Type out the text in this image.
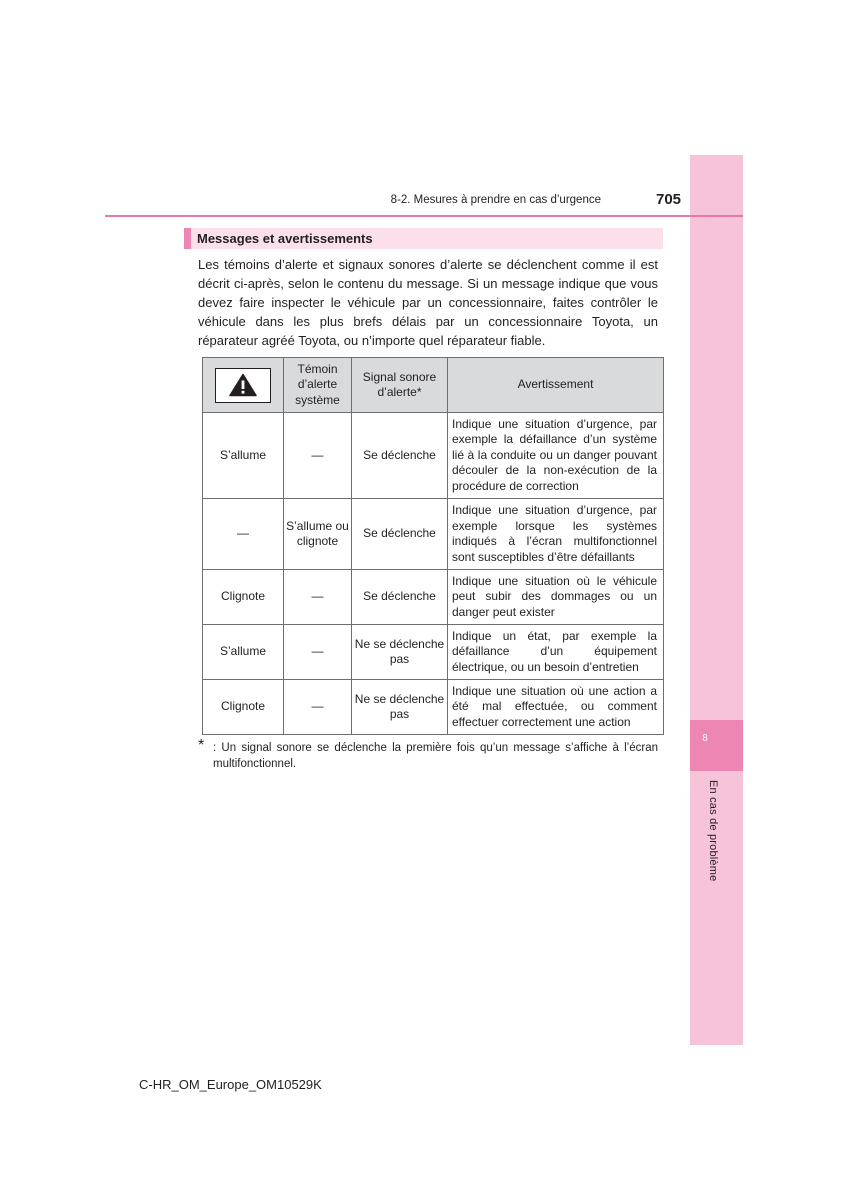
8
En cas de problème
8-2. Mesures à prendre en cas d’urgence	705
Messages et avertissements
Les témoins d’alerte et signaux sonores d’alerte se déclenchent comme il est décrit ci-après, selon le contenu du message. Si un message indique que vous devez faire inspecter le véhicule par un concessionnaire, faites contrôler le véhicule dans les plus brefs délais par un concessionnaire Toyota, un réparateur agréé Toyota, ou n’importe quel réparateur fiable.
	Témoin d’alerte système	Signal sonore d’alerte*	Avertissement
S’allume	—	Se déclenche	Indique une situation d’urgence, par exemple la défaillance d’un système lié à la conduite ou un danger pouvant découler de la non-exécution de la procédure de correction
—	S’allume ou clignote	Se déclenche	Indique une situation d’urgence, par exemple lorsque les systèmes indiqués à l’écran multifonctionnel sont susceptibles d’être défaillants
Clignote	—	Se déclenche	Indique une situation où le véhicule peut subir des dommages ou un danger peut exister
S’allume	—	Ne se déclenche pas	Indique un état, par exemple la défaillance d’un équipement électrique, ou un besoin d’entretien
Clignote	—	Ne se déclenche pas	Indique une situation où une action a été mal effectuée, ou comment effectuer correctement une action
* : Un signal sonore se déclenche la première fois qu’un message s’affiche à l’écran multifonctionnel.
C-HR_OM_Europe_OM10529K
